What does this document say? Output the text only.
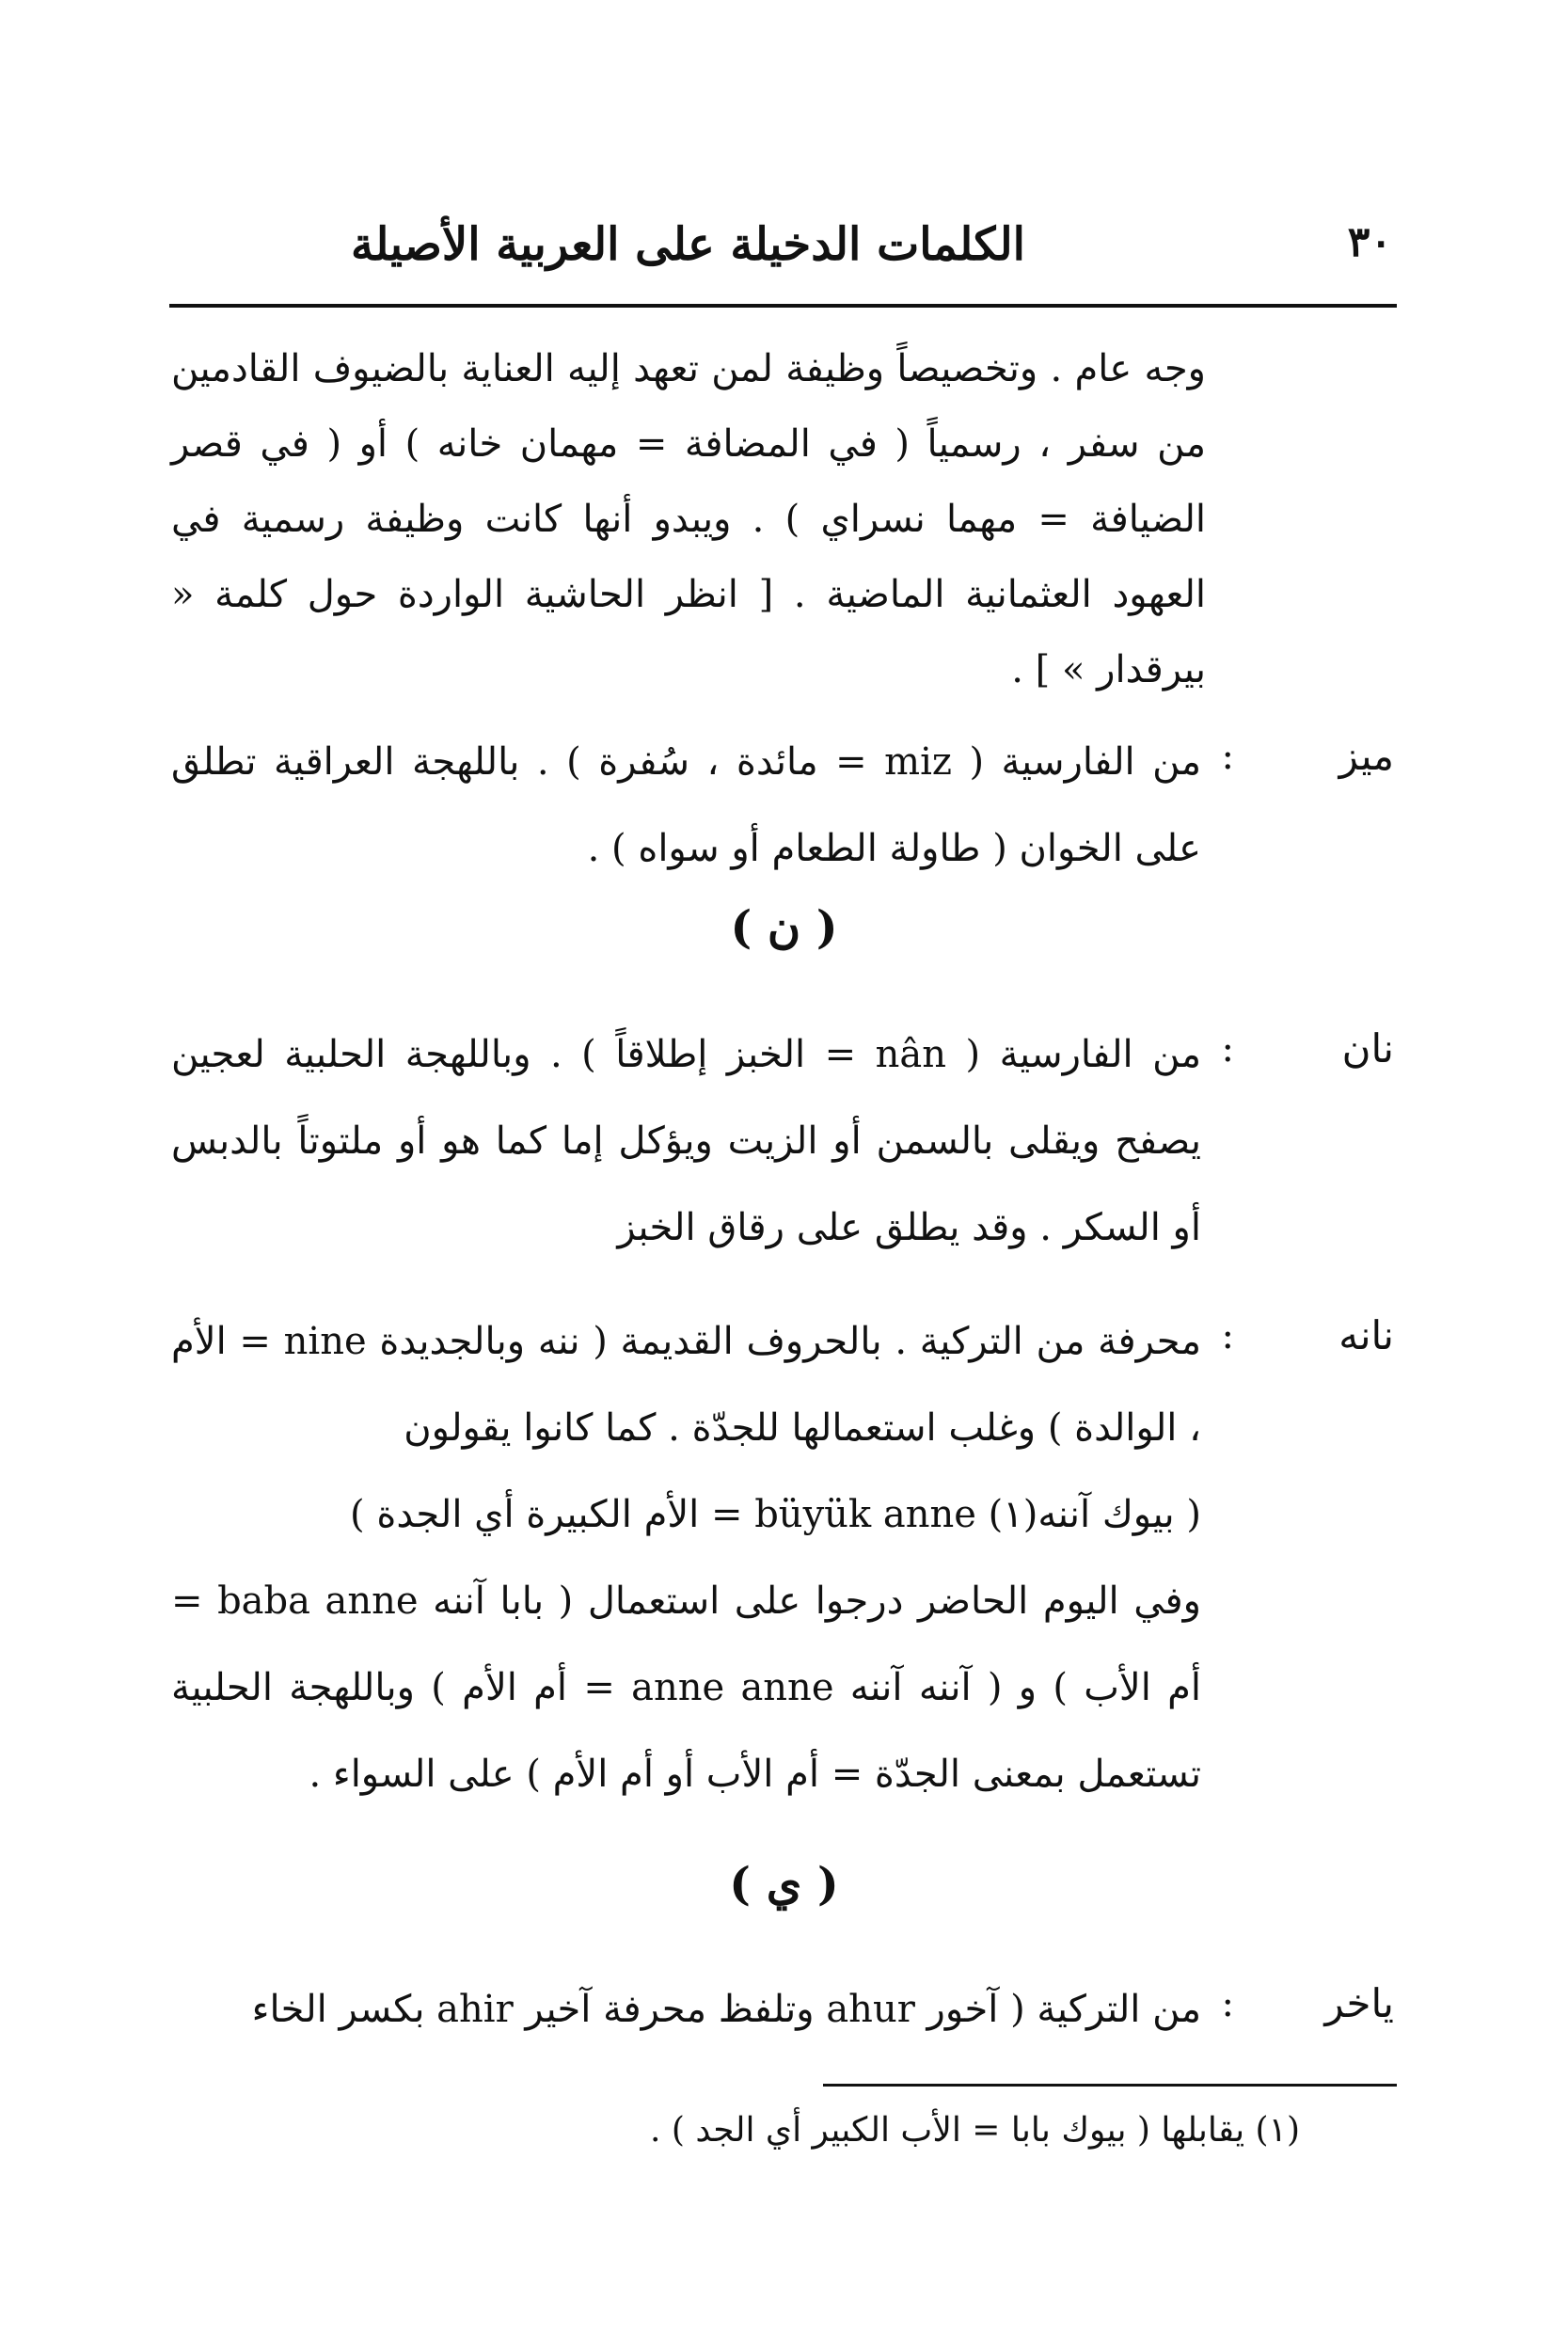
٣٠
الكلمات الدخيلة على العربية الأصيلة
وجه عام . وتخصيصاً وظيفة لمن تعهد إليه العناية بالضيوف القادمين من سفر ، رسمياً ( في المضافة = مهمان خانه ) أو ( في قصر الضيافة = مهما نسراي ) . ويبدو أنها كانت وظيفة رسمية في العهود العثمانية الماضية . [ انظر الحاشية الواردة حول كلمة « بيرقدار » ] .
ميز
:
من الفارسية ( miz = مائدة ، سُفرة ) . باللهجة العراقية تطلق على الخوان ( طاولة الطعام أو سواه ) .
( ن )
نان
:
من الفارسية ( nân = الخبز إطلاقاً ) . وباللهجة الحلبية لعجين يصفح ويقلى بالسمن أو الزيت ويؤكل إما كما هو أو ملتوتاً بالدبس أو السكر . وقد يطلق على رقاق الخبز
نانه
:

محرفة من التركية . بالحروف القديمة ( ننه وبالجديدة nine = الأم ، الوالدة ) وغلب استعمالها للجدّة . كما كانوا يقولون

( بيوك آننه(١) büyük anne = الأم الكبيرة أي الجدة )

وفي اليوم الحاضر درجوا على استعمال ( بابا آننه baba anne = أم الأب ) و ( آننه آننه anne anne = أم الأم ) وباللهجة الحلبية تستعمل بمعنى الجدّة = أم الأب أو أم الأم ) على السواء .

( ي )
ياخر
:
من التركية ( آخور ahur وتلفظ محرفة آخير ahir بكسر الخاء
(١) يقابلها ( بيوك بابا = الأب الكبير أي الجد ) .
